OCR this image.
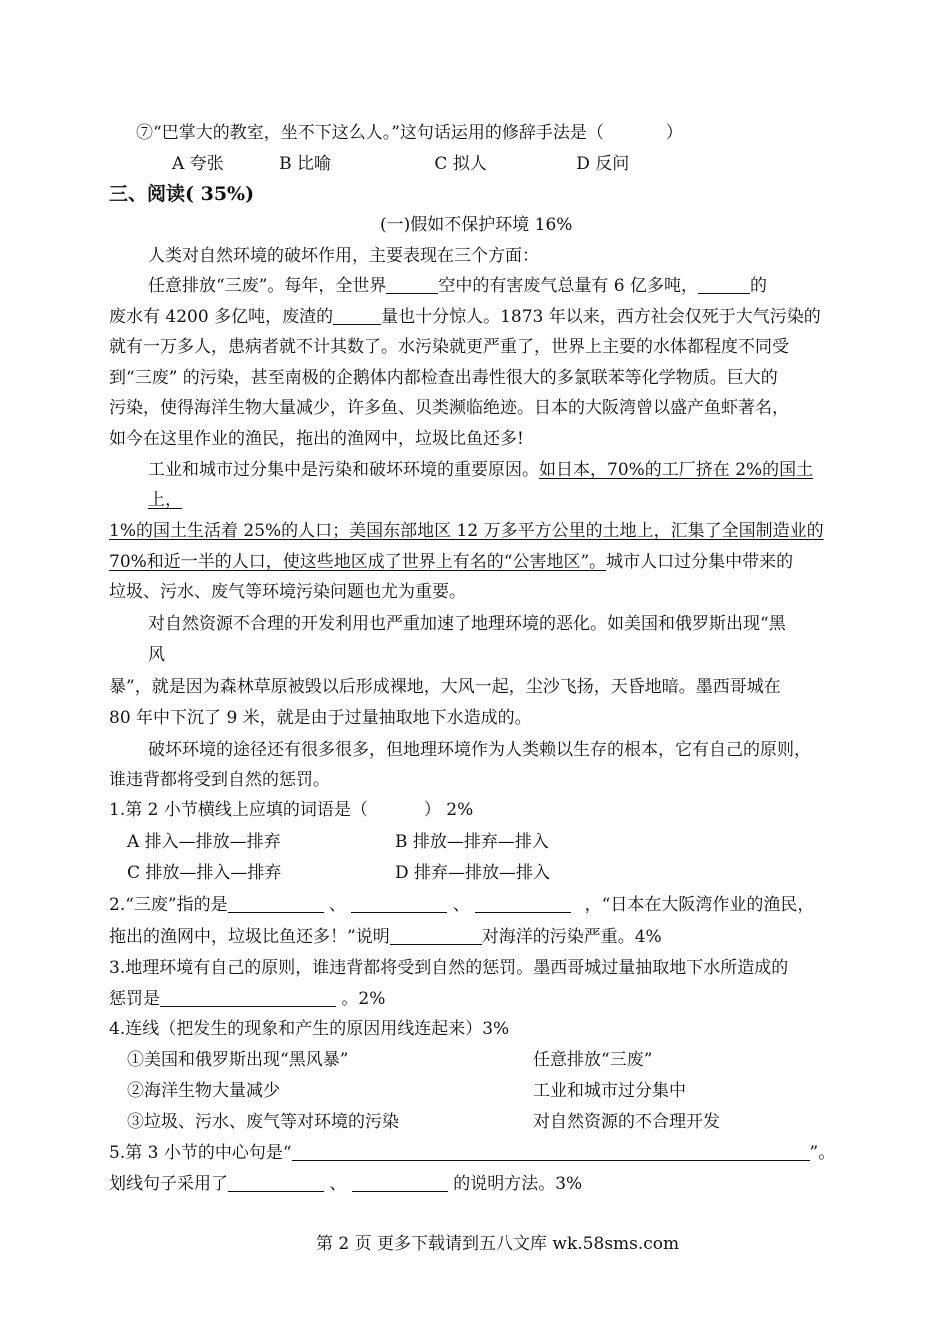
⑦“巴掌大的教室，坐不下这么人。”这句话运用的修辞手法是（	）
A 夸张	B 比喻	C 拟人	D 反问
三、阅读( 35%)
(一)假如不保护环境 16%
人类对自然环境的破坏作用，主要表现在三个方面：
任意排放“三废”。每年，全世界	空中的有害废气总量有 6 亿多吨，	的
废水有 4200 多亿吨，废渣的	量也十分惊人。1873 年以来，西方社会仅死于大气污染的
就有一万多人，患病者就不计其数了。水污染就更严重了，世界上主要的水体都程度不同受
到“三废” 的污染，甚至南极的企鹅体内都检查出毒性很大的多氯联苯等化学物质。巨大的
污染，使得海洋生物大量减少，许多鱼、贝类濒临绝迹。日本的大阪湾曾以盛产鱼虾著名，
如今在这里作业的渔民，拖出的渔网中，垃圾比鱼还多!
工业和城市过分集中是污染和破坏环境的重要原因。如日本，70%的工厂挤在 2%的国土
上，
1%的国土生活着 25%的人口；美国东部地区 12 万多平方公里的土地上，汇集了全国制造业的
70%和近一半的人口，使这些地区成了世界上有名的“公害地区”。城市人口过分集中带来的
垃圾、污水、废气等环境污染问题也尤为重要。
对自然资源不合理的开发利用也严重加速了地理环境的恶化。如美国和俄罗斯出现“黑
风
暴”，就是因为森林草原被毁以后形成裸地，大风一起，尘沙飞扬，天昏地暗。墨西哥城在
80 年中下沉了 9 米，就是由于过量抽取地下水造成的。
破坏环境的途径还有很多很多，但地理环境作为人类赖以生存的根本，它有自己的原则，
谁违背都将受到自然的惩罚。
1.第 2 小节横线上应填的词语是（	） 2%
A 排入—排放—排弃	B 排放—排弃—排入
C 排放—排入—排弃	D 排弃—排放—排入
2.“三废”指的是	、	、	，“日本在大阪湾作业的渔民，
拖出的渔网中，垃圾比鱼还多！”说明	对海洋的污染严重。4%
3.地理环境有自己的原则，谁违背都将受到自然的惩罚。墨西哥城过量抽取地下水所造成的
惩罚是	。2%
4.连线（把发生的现象和产生的原因用线连起来）3%
①美国和俄罗斯出现“黑风暴”	任意排放“三废”
②海洋生物大量减少	工业和城市过分集中
③垃圾、污水、废气等对环境的污染	对自然资源的不合理开发
5.第 3 小节的中心句是“	”。
划线句子采用了	、	的说明方法。3%
第 2 页 更多下载请到五八文库 wk.58sms.com
